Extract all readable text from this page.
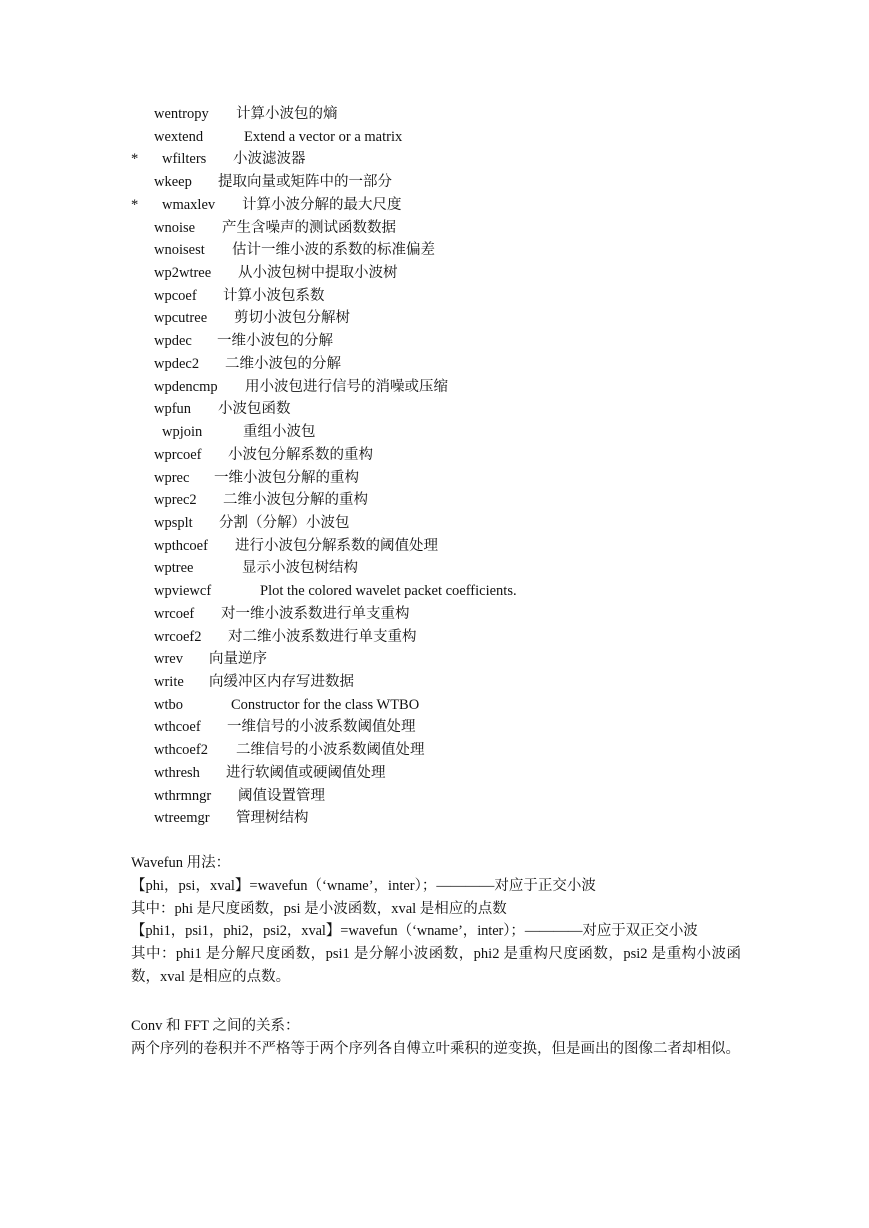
wentropy 计算小波包的熵
wextend	Extend a vector or a matrix
* wfilters 小波滤波器
wkeep 提取向量或矩阵中的一部分
* wmaxlev 计算小波分解的最大尺度
wnoise 产生含噪声的测试函数数据
wnoisest 估计一维小波的系数的标准偏差
wp2wtree 从小波包树中提取小波树
wpcoef 计算小波包系数
wpcutree 剪切小波包分解树
wpdec 一维小波包的分解
wpdec2 二维小波包的分解
wpdencmp 用小波包进行信号的消噪或压缩
wpfun 小波包函数
wpjoin	重组小波包
wprcoef 小波包分解系数的重构
wprec 一维小波包分解的重构
wprec2 二维小波包分解的重构
wpsplt 分割（分解）小波包
wpthcoef 进行小波包分解系数的阈值处理
wptree	显示小波包树结构
wpviewcf	Plot the colored wavelet packet coefficients.
wrcoef 对一维小波系数进行单支重构
wrcoef2 对二维小波系数进行单支重构
wrev 向量逆序
write 向缓冲区内存写进数据
wtbo	Constructor for the class WTBO
wthcoef 一维信号的小波系数阈值处理
wthcoef2 二维信号的小波系数阈值处理
wthresh 进行软阈值或硬阈值处理
wthrmngr 阈值设置管理
wtreemgr 管理树结构
Wavefun 用法：
【phi，psi，xval】=wavefun（‘wname’，inter）；————对应于正交小波
其中：phi 是尺度函数，psi 是小波函数，xval 是相应的点数
【phi1，psi1，phi2，psi2，xval】=wavefun（‘wname’，inter）；————对应于双正交小波
其中：phi1 是分解尺度函数，psi1 是分解小波函数，phi2 是重构尺度函数，psi2 是重构小波函数，xval 是相应的点数。
Conv 和 FFT 之间的关系：
两个序列的卷积并不严格等于两个序列各自傅立叶乘积的逆变换，但是画出的图像二者却相似。
